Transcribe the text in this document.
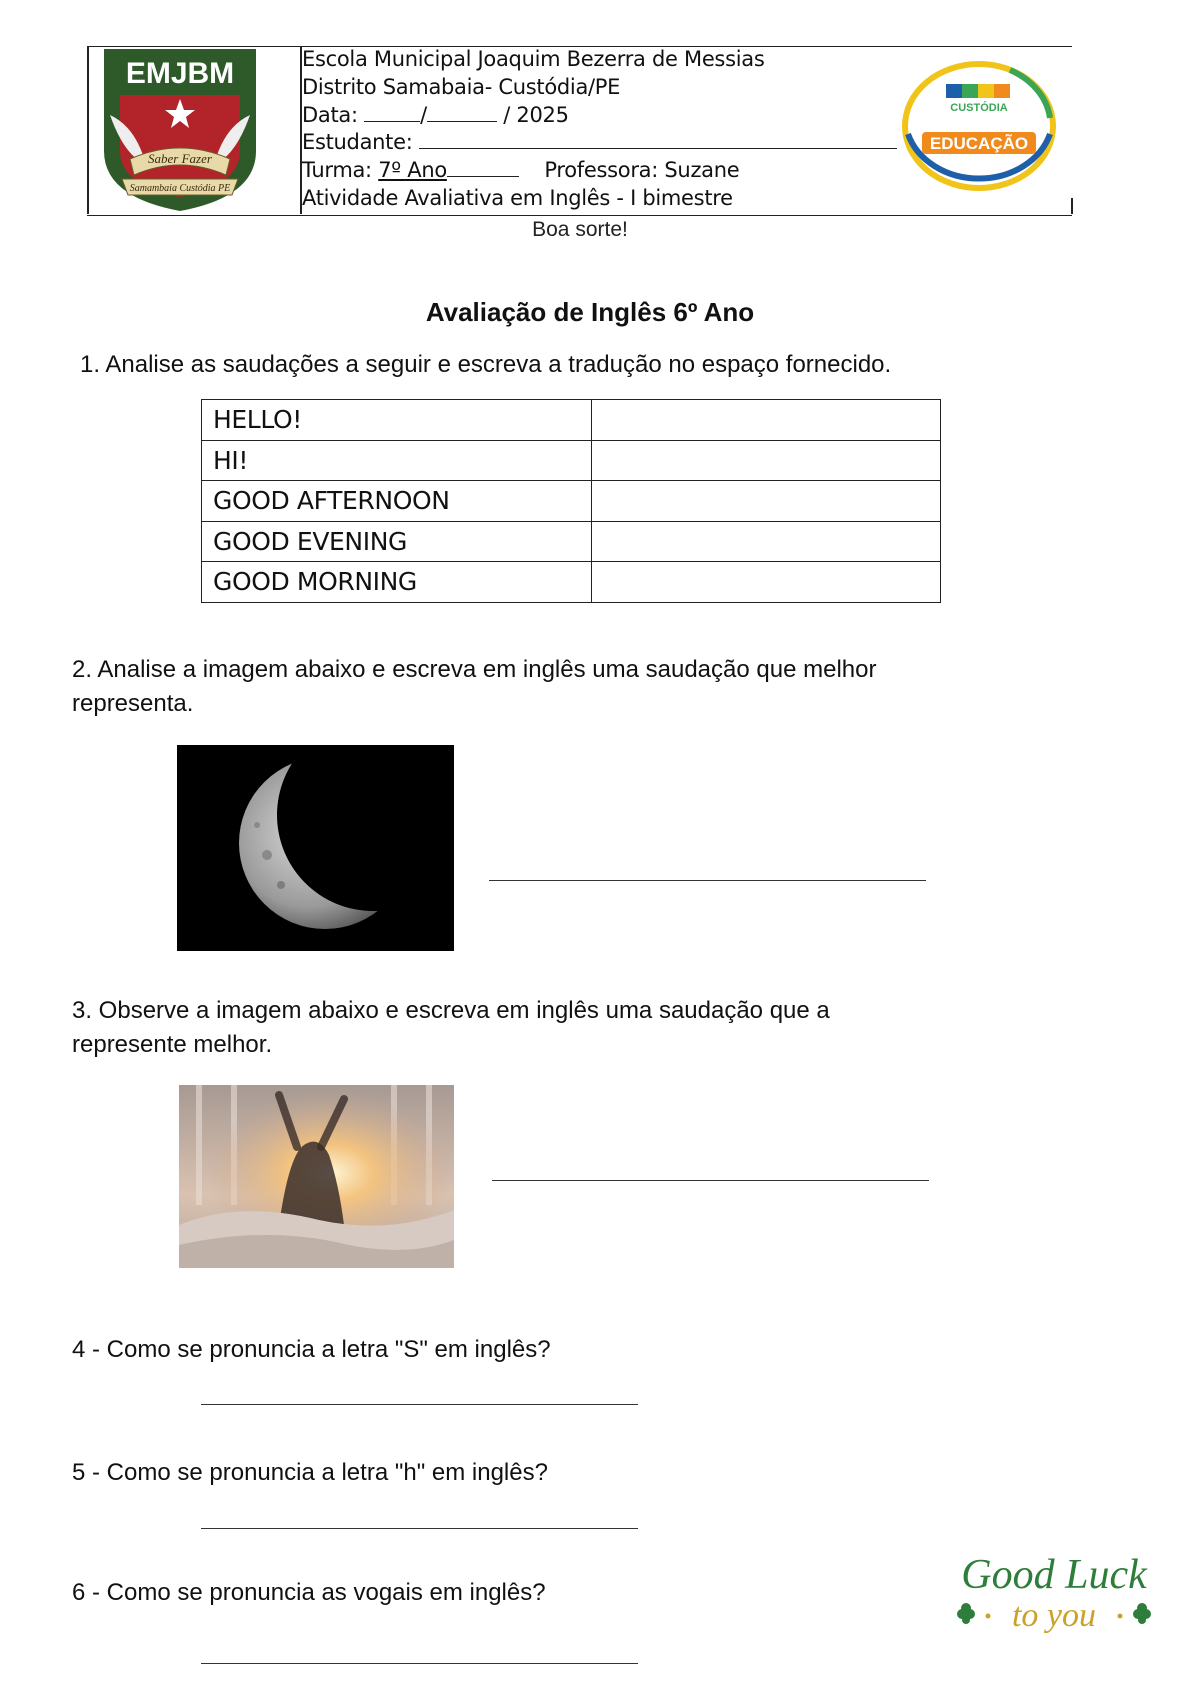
EMJBM
Saber Fazer
Samambaia Custódia PE
Escola Municipal Joaquim Bezerra de Messias
Distrito Samabaia- Custódia/PE
Data:	/	/ 2025
Estudante:
Turma: 7º Ano	Professora: Suzane
Atividade Avaliativa em Inglês - I bimestre
CUSTÓDIA
EDUCAÇÃO
Boa sorte!
Avaliação de Inglês 6º Ano
1. Analise as saudações a seguir e escreva a tradução no espaço fornecido.
HELLO!	
HI!	
GOOD AFTERNOON	
GOOD EVENING	
GOOD MORNING	
2. Analise a imagem abaixo e escreva em inglês uma saudação que melhor
representa.
3. Observe a imagem abaixo e escreva em inglês uma saudação que a
represente melhor.
4 - Como se pronuncia a letra "S" em inglês?
5 - Como se pronuncia a letra "h" em inglês?
6 - Como se pronuncia as vogais em inglês?	Good Luck
to you
